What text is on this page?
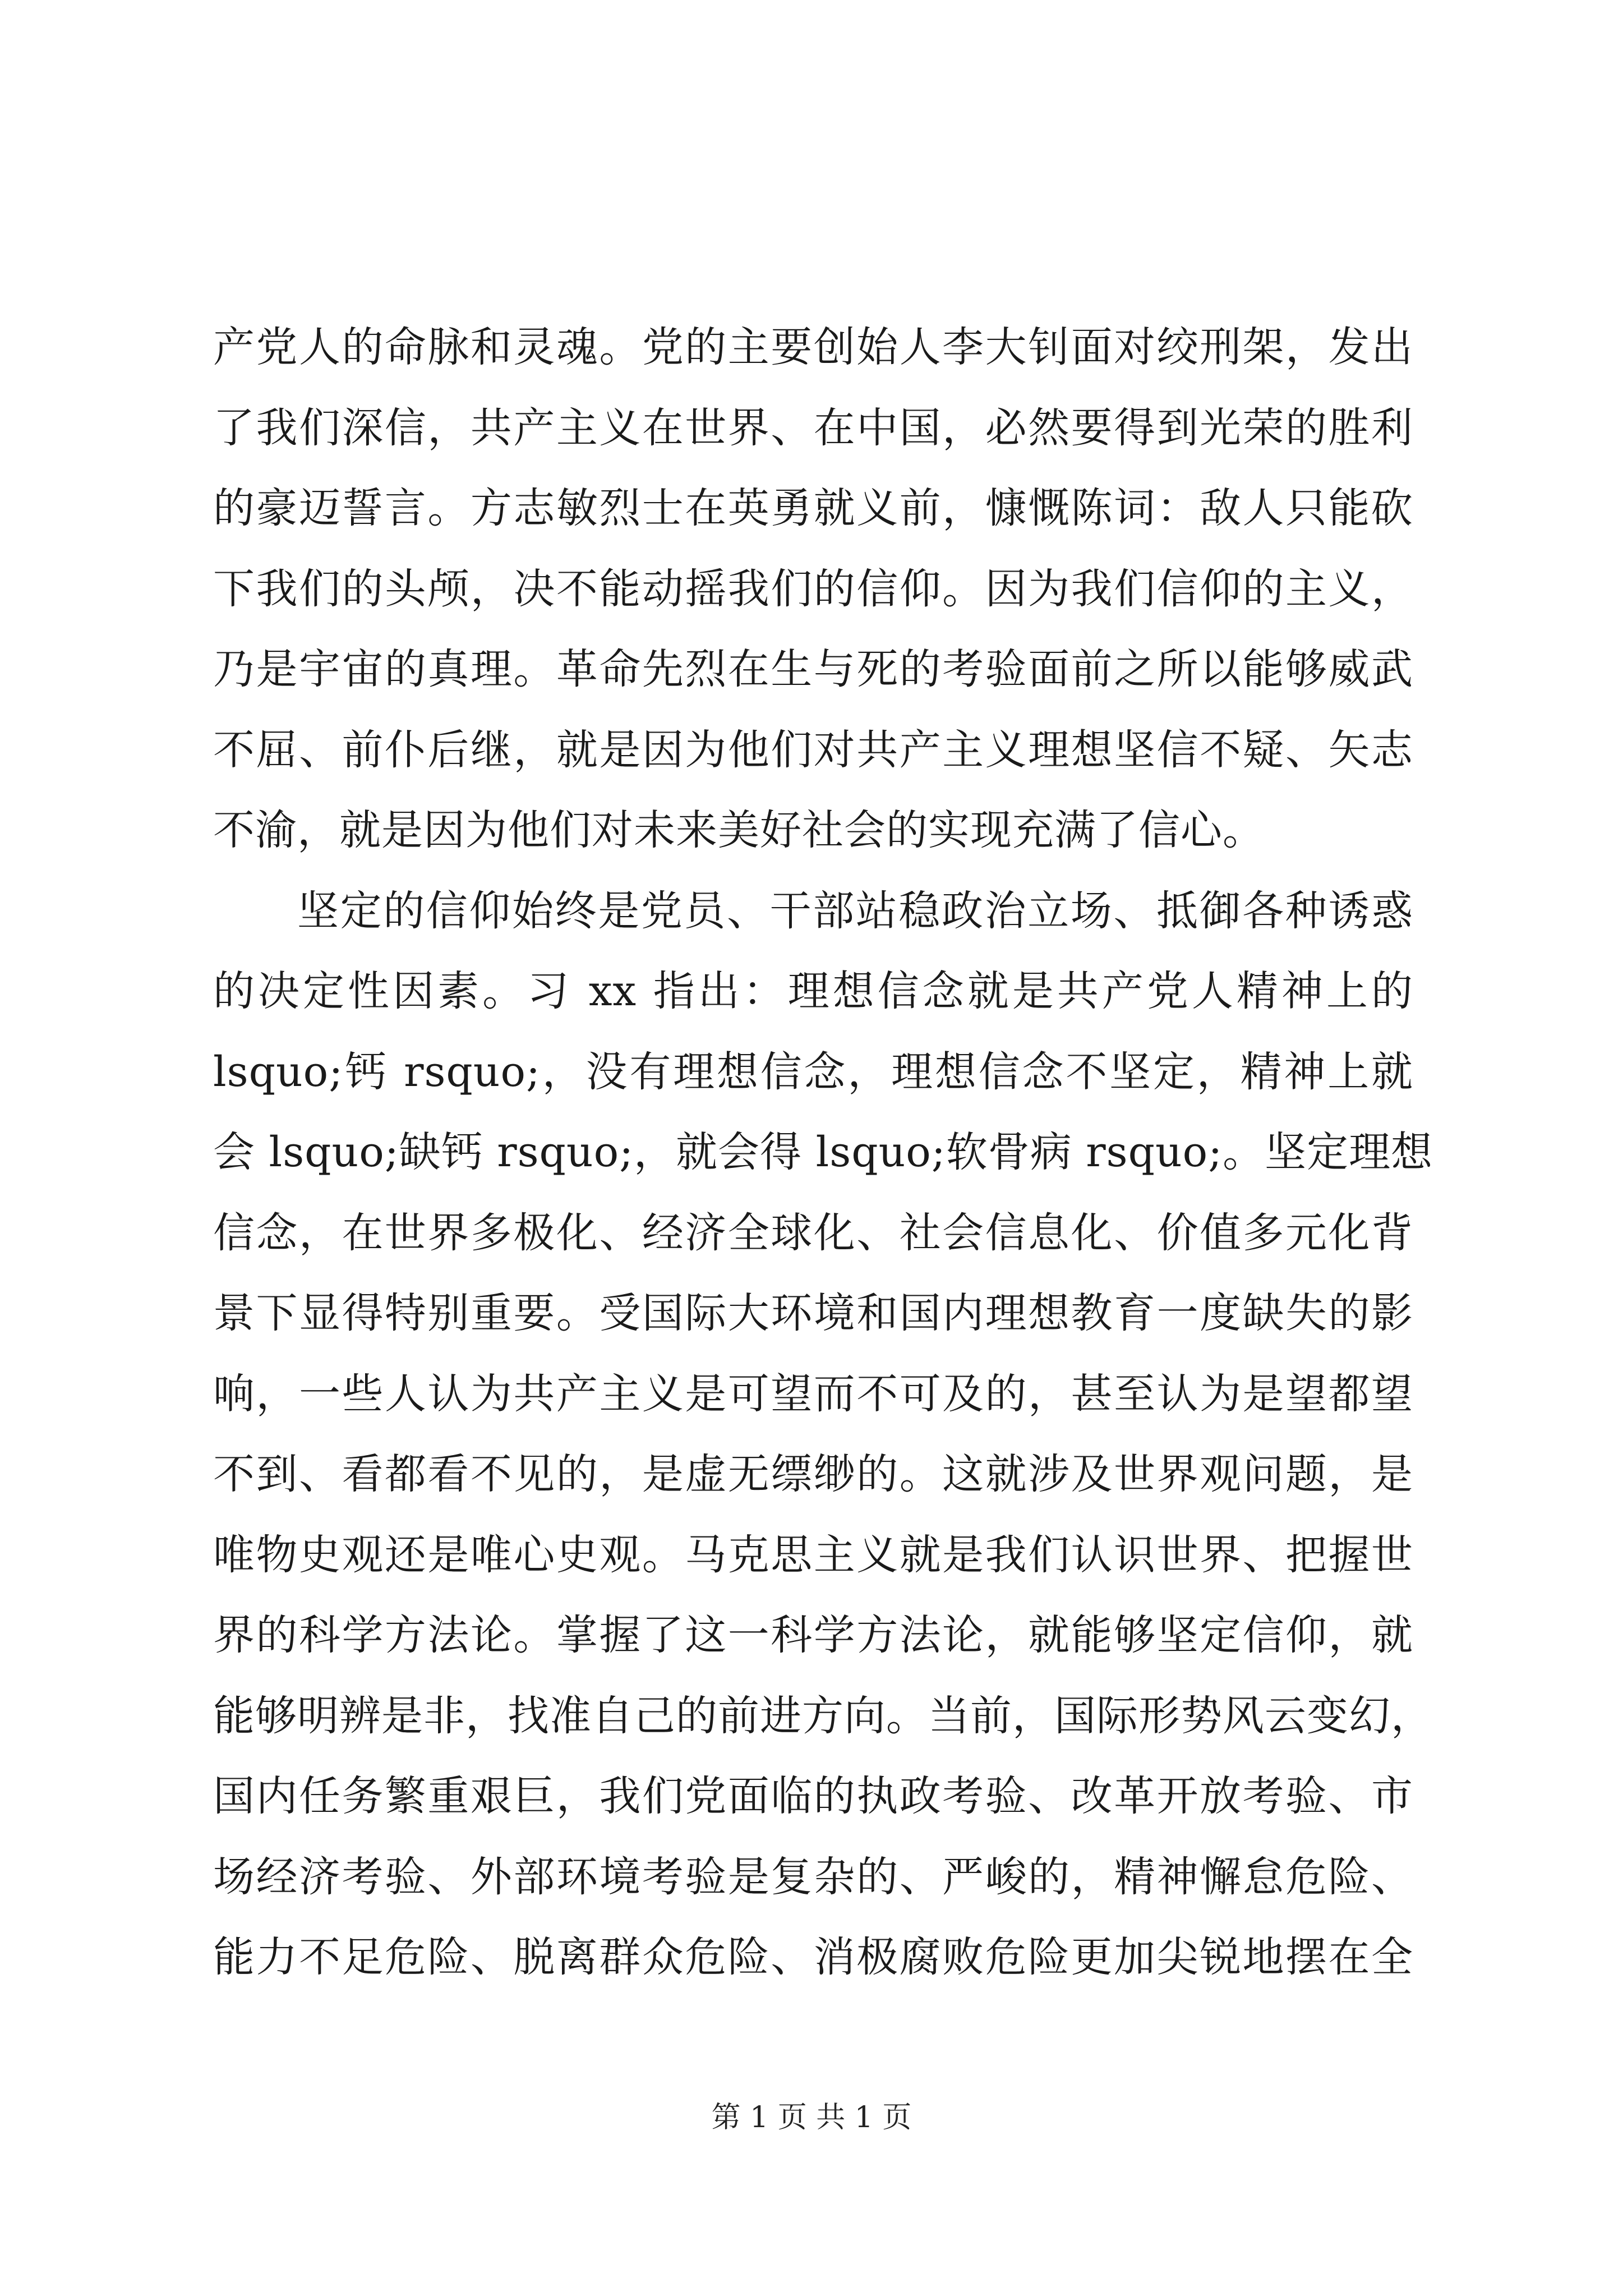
产党人的命脉和灵魂。党的主要创始人李大钊面对绞刑架，发出
了我们深信，共产主义在世界、在中国，必然要得到光荣的胜利
的豪迈誓言。方志敏烈士在英勇就义前，慷慨陈词：敌人只能砍
下我们的头颅，决不能动摇我们的信仰。因为我们信仰的主义，
乃是宇宙的真理。革命先烈在生与死的考验面前之所以能够威武
不屈、前仆后继，就是因为他们对共产主义理想坚信不疑、矢志
不渝，就是因为他们对未来美好社会的实现充满了信心。
坚定的信仰始终是党员、干部站稳政治立场、抵御各种诱惑
的决定性因素。习 xx 指出：理想信念就是共产党人精神上的
lsquo;钙 rsquo;，没有理想信念，理想信念不坚定，精神上就
会 lsquo;缺钙 rsquo;，就会得 lsquo;软骨病 rsquo;。坚定理想
信念，在世界多极化、经济全球化、社会信息化、价值多元化背
景下显得特别重要。受国际大环境和国内理想教育一度缺失的影
响，一些人认为共产主义是可望而不可及的，甚至认为是望都望
不到、看都看不见的，是虚无缥缈的。这就涉及世界观问题，是
唯物史观还是唯心史观。马克思主义就是我们认识世界、把握世
界的科学方法论。掌握了这一科学方法论，就能够坚定信仰，就
能够明辨是非，找准自己的前进方向。当前，国际形势风云变幻，
国内任务繁重艰巨，我们党面临的执政考验、改革开放考验、市
场经济考验、外部环境考验是复杂的、严峻的，精神懈怠危险、
能力不足危险、脱离群众危险、消极腐败危险更加尖锐地摆在全
第 1 页 共 1 页
